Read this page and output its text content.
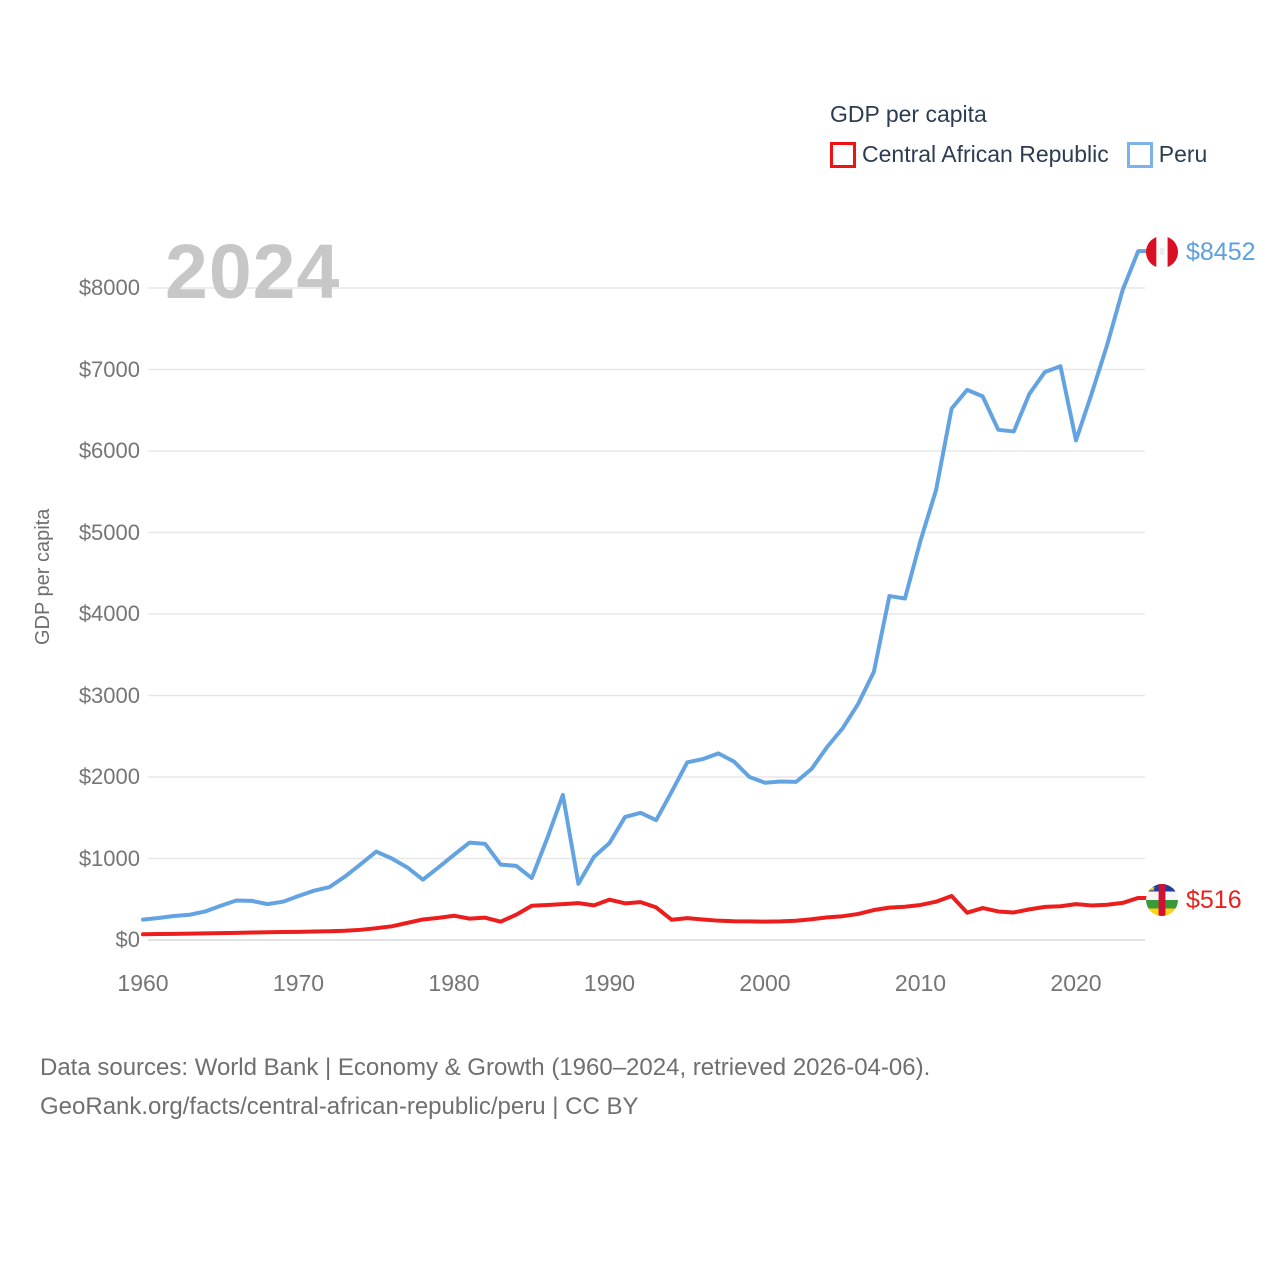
2024
GDP per capita
Central African Republic Peru
GDP per capita
$0
$1000
$2000
$3000
$4000
$5000
$6000
$7000
$8000
1960	1970	1980	1990	2000	2010	2020
$8452
$516
Data sources: World Bank | Economy & Growth (1960–2024, retrieved 2026-04-06).
GeoRank.org/facts/central-african-republic/peru | CC BY
